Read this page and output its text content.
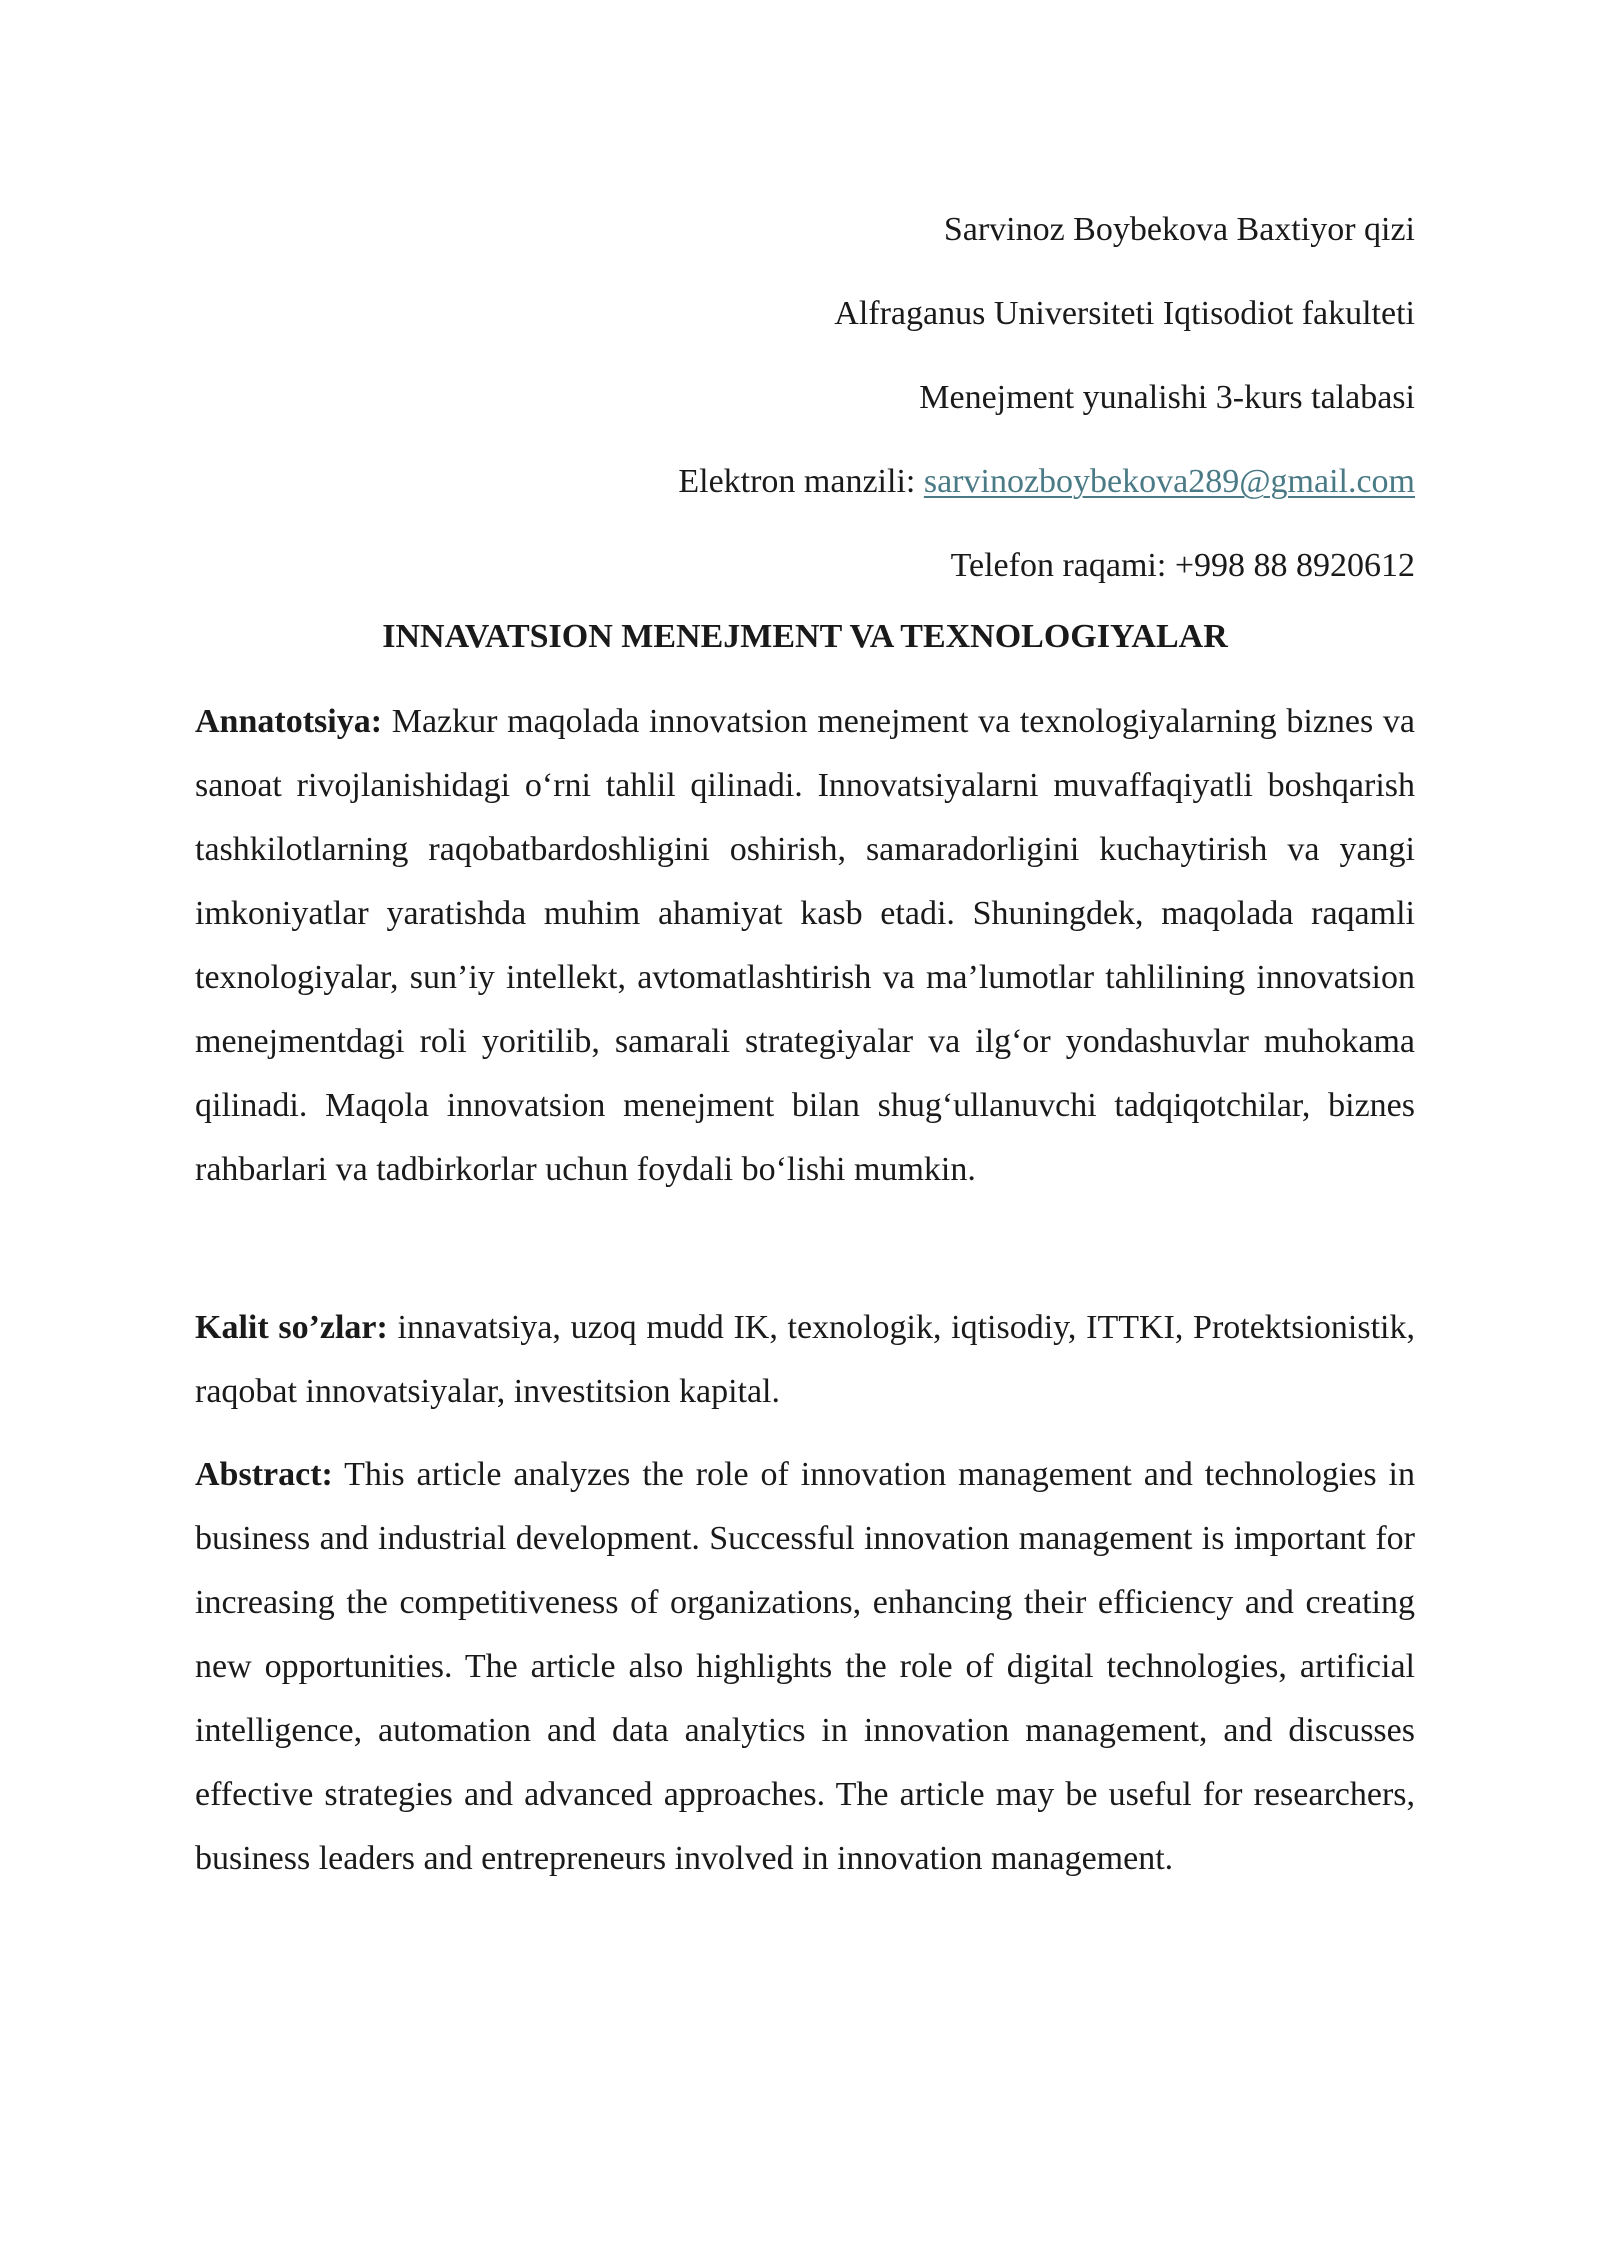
Sarvinoz Boybekova Baxtiyor qizi
Alfraganus Universiteti Iqtisodiot fakulteti
Menejment yunalishi 3-kurs talabasi
Elektron manzili: sarvinozboybekova289@gmail.com
Telefon raqami: +998 88 8920612
INNAVATSION MENEJMENT VA TEXNOLOGIYALAR

Annatotsiya: Mazkur maqolada innovatsion menejment va texnologiyalarning biznes va sanoat rivojlanishidagi o‘rni tahlil qilinadi. Innovatsiyalarni muvaffaqiyatli boshqarish tashkilotlarning raqobatbardoshligini oshirish, samaradorligini kuchaytirish va yangi imkoniyatlar yaratishda muhim ahamiyat kasb etadi. Shuningdek, maqolada raqamli texnologiyalar, sun’iy intellekt, avtomatlashtirish va ma’lumotlar tahlilining innovatsion menejmentdagi roli yoritilib, samarali strategiyalar va ilg‘or yondashuvlar muhokama qilinadi. Maqola innovatsion menejment bilan shug‘ullanuvchi tadqiqotchilar, biznes rahbarlari va tadbirkorlar uchun foydali bo‘lishi mumkin.

Kalit so’zlar: innavatsiya, uzoq mudd IK, texnologik, iqtisodiy, ITTKI, Protektsionistik, raqobat innovatsiyalar, investitsion kapital.

Abstract: This article analyzes the role of innovation management and technologies in business and industrial development. Successful innovation management is important for increasing the competitiveness of organizations, enhancing their efficiency and creating new opportunities. The article also highlights the role of digital technologies, artificial intelligence, automation and data analytics in innovation management, and discusses effective strategies and advanced approaches. The article may be useful for researchers, business leaders and entrepreneurs involved in innovation management.
